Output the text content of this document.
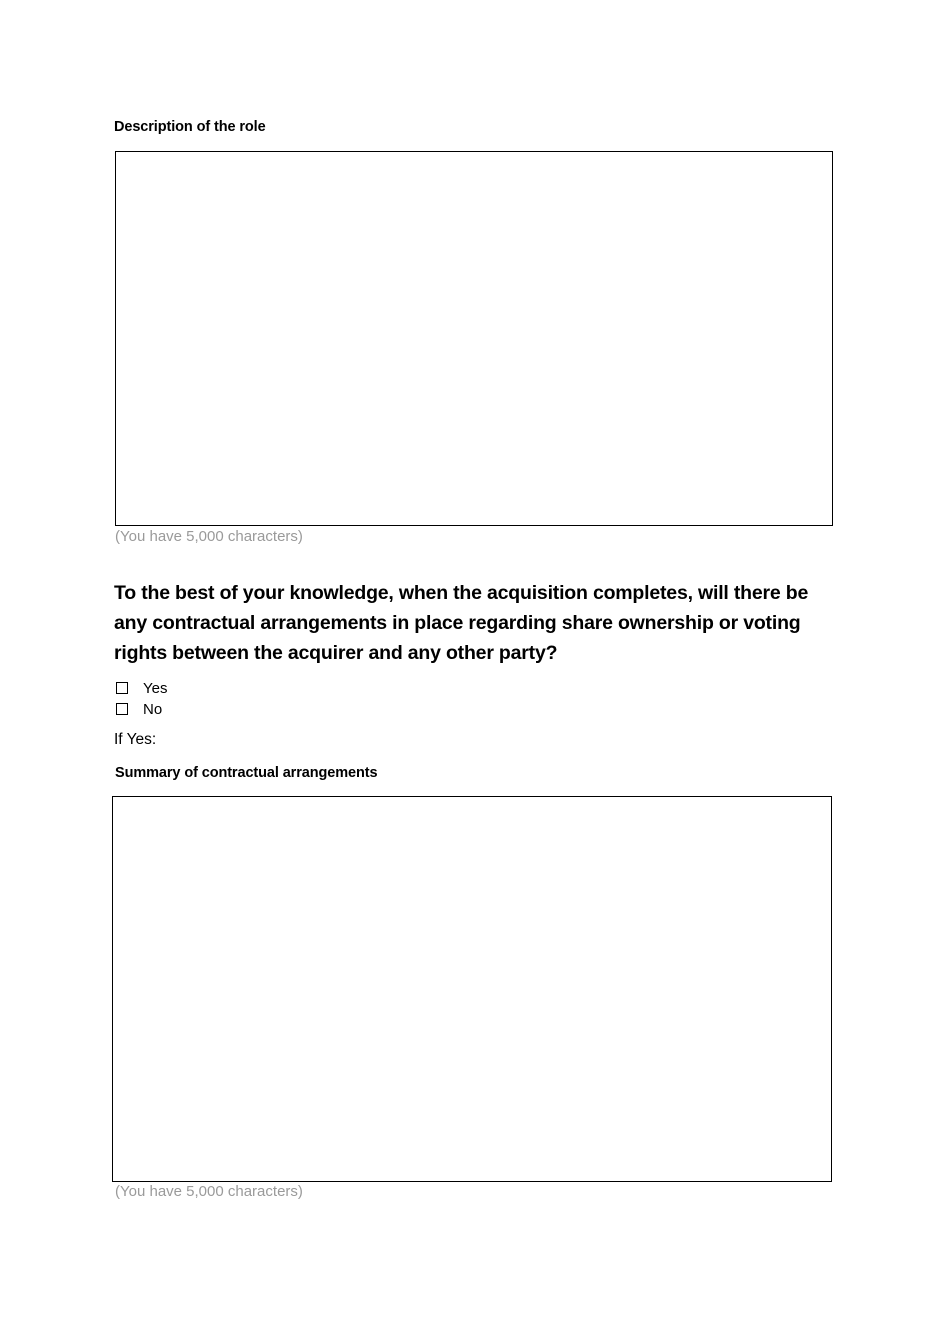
Description of the role
(You have 5,000 characters)
To the best of your knowledge, when the acquisition completes, will there be any contractual arrangements in place regarding share ownership or voting rights between the acquirer and any other party?
Yes
No
If Yes:
Summary of contractual arrangements
(You have 5,000 characters)
